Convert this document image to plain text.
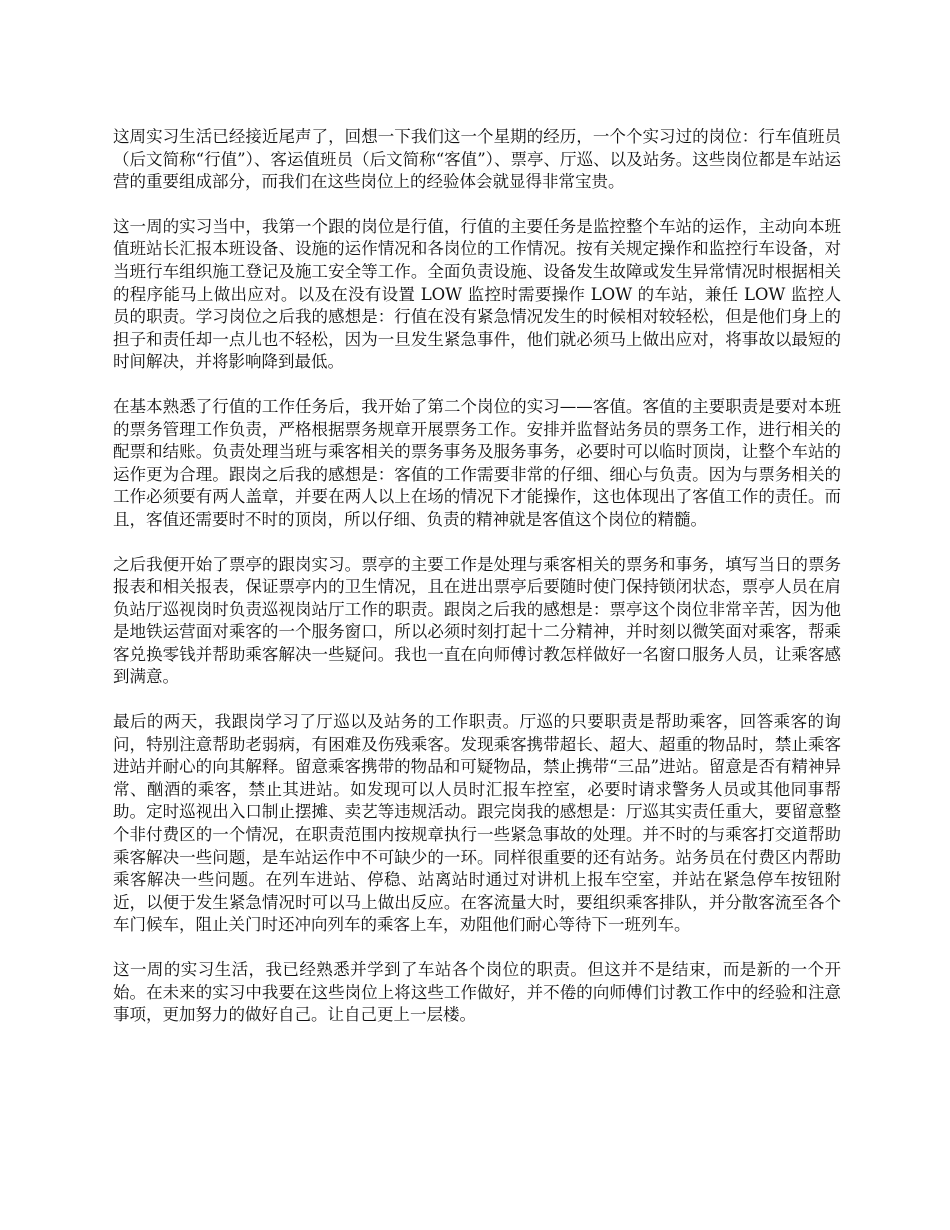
这周实习生活已经接近尾声了，回想一下我们这一个星期的经历，一个个实习过的岗位：行车值班员（后文简称“行值”）、客运值班员（后文简称“客值”）、票亭、厅巡、以及站务。这些岗位都是车站运营的重要组成部分，而我们在这些岗位上的经验体会就显得非常宝贵。

这一周的实习当中，我第一个跟的岗位是行值，行值的主要任务是监控整个车站的运作，主动向本班值班站长汇报本班设备、设施的运作情况和各岗位的工作情况。按有关规定操作和监控行车设备，对当班行车组织施工登记及施工安全等工作。全面负责设施、设备发生故障或发生异常情况时根据相关的程序能马上做出应对。以及在没有设置 LOW 监控时需要操作 LOW 的车站，兼任 LOW 监控人员的职责。学习岗位之后我的感想是：行值在没有紧急情况发生的时候相对较轻松，但是他们身上的担子和责任却一点儿也不轻松，因为一旦发生紧急事件，他们就必须马上做出应对，将事故以最短的时间解决，并将影响降到最低。

在基本熟悉了行值的工作任务后，我开始了第二个岗位的实习——客值。客值的主要职责是要对本班的票务管理工作负责，严格根据票务规章开展票务工作。安排并监督站务员的票务工作，进行相关的配票和结账。负责处理当班与乘客相关的票务事务及服务事务，必要时可以临时顶岗，让整个车站的运作更为合理。跟岗之后我的感想是：客值的工作需要非常的仔细、细心与负责。因为与票务相关的工作必须要有两人盖章，并要在两人以上在场的情况下才能操作，这也体现出了客值工作的责任。而且，客值还需要时不时的顶岗，所以仔细、负责的精神就是客值这个岗位的精髓。

之后我便开始了票亭的跟岗实习。票亭的主要工作是处理与乘客相关的票务和事务，填写当日的票务报表和相关报表，保证票亭内的卫生情况，且在进出票亭后要随时使门保持锁闭状态，票亭人员在肩负站厅巡视岗时负责巡视岗站厅工作的职责。跟岗之后我的感想是：票亭这个岗位非常辛苦，因为他是地铁运营面对乘客的一个服务窗口，所以必须时刻打起十二分精神，并时刻以微笑面对乘客，帮乘客兑换零钱并帮助乘客解决一些疑问。我也一直在向师傅讨教怎样做好一名窗口服务人员，让乘客感到满意。

最后的两天，我跟岗学习了厅巡以及站务的工作职责。厅巡的只要职责是帮助乘客，回答乘客的询问，特别注意帮助老弱病，有困难及伤残乘客。发现乘客携带超长、超大、超重的物品时，禁止乘客进站并耐心的向其解释。留意乘客携带的物品和可疑物品，禁止携带“三品”进站。留意是否有精神异常、酗酒的乘客，禁止其进站。如发现可以人员时汇报车控室，必要时请求警务人员或其他同事帮助。定时巡视出入口制止摆摊、卖艺等违规活动。跟完岗我的感想是：厅巡其实责任重大，要留意整个非付费区的一个情况，在职责范围内按规章执行一些紧急事故的处理。并不时的与乘客打交道帮助乘客解决一些问题，是车站运作中不可缺少的一环。同样很重要的还有站务。站务员在付费区内帮助乘客解决一些问题。在列车进站、停稳、站离站时通过对讲机上报车空室，并站在紧急停车按钮附近，以便于发生紧急情况时可以马上做出反应。在客流量大时，要组织乘客排队，并分散客流至各个车门候车，阻止关门时还冲向列车的乘客上车，劝阻他们耐心等待下一班列车。

这一周的实习生活，我已经熟悉并学到了车站各个岗位的职责。但这并不是结束，而是新的一个开始。在未来的实习中我要在这些岗位上将这些工作做好，并不倦的向师傅们讨教工作中的经验和注意事项，更加努力的做好自己。让自己更上一层楼。
